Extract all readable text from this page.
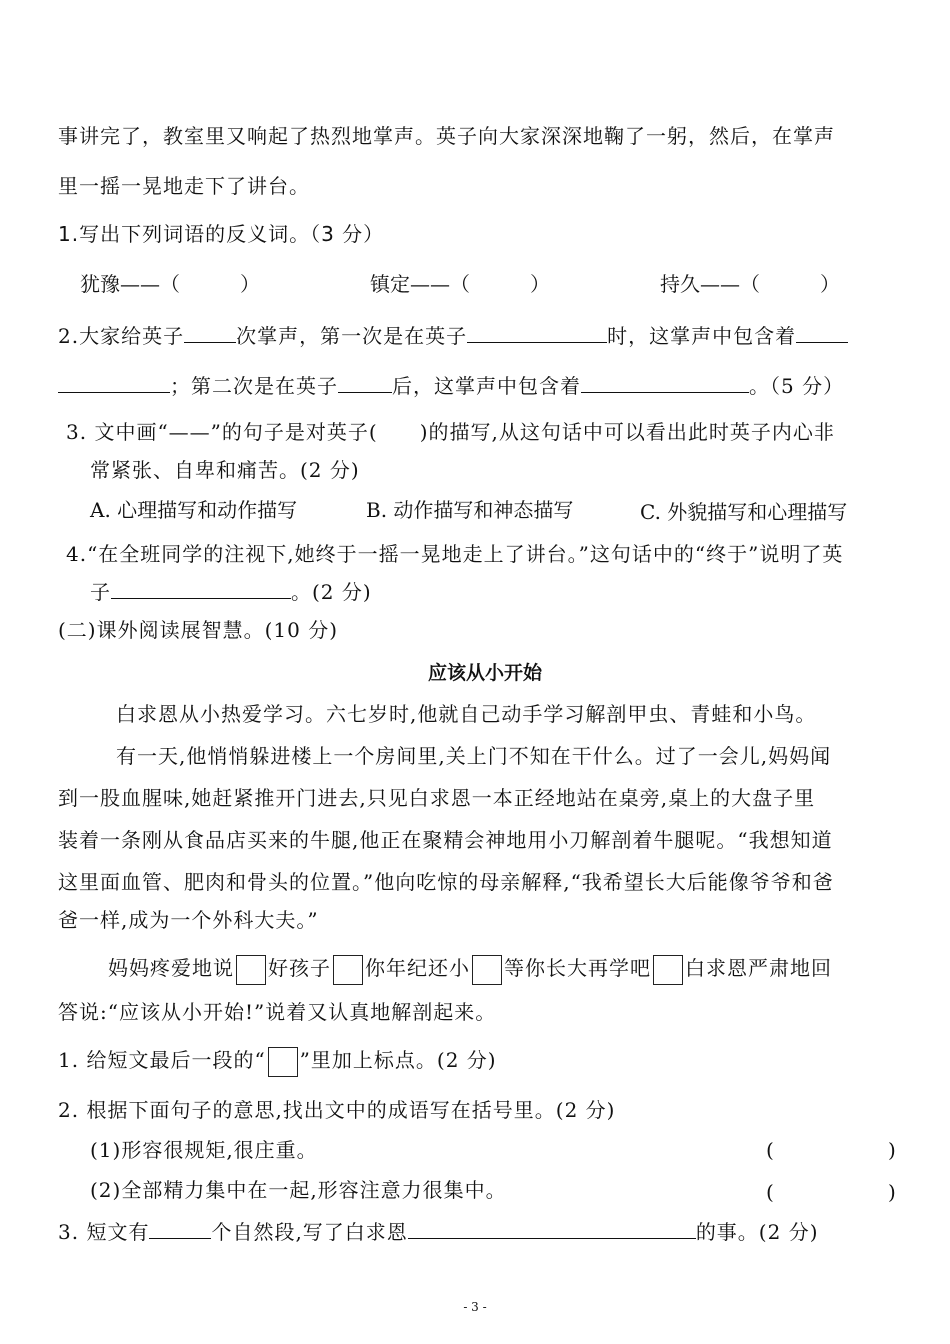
事讲完了，教室里又响起了热烈地掌声。英子向大家深深地鞠了一躬，然后，在掌声
里一摇一晃地走下了讲台。
1.写出下列词语的反义词。（3 分）
犹豫——（　　　）	镇定——（　　　）	持久——（　　　）
2.大家给英子	次掌声，第一次是在英子	时，这掌声中包含着
；第二次是在英子	后，这掌声中包含着	。（5 分）
3. 文中画“——”的句子是对英子(　　)的描写,从这句话中可以看出此时英子内心非
常紧张、自卑和痛苦。(2 分)
A. 心理描写和动作描写	B. 动作描写和神态描写	C. 外貌描写和心理描写
4.“在全班同学的注视下,她终于一摇一晃地走上了讲台。”这句话中的“终于”说明了英
子	。(2 分)
(二)课外阅读展智慧。(10 分)
应该从小开始
白求恩从小热爱学习。六七岁时,他就自己动手学习解剖甲虫、青蛙和小鸟。
有一天,他悄悄躲进楼上一个房间里,关上门不知在干什么。过了一会儿,妈妈闻
到一股血腥味,她赶紧推开门进去,只见白求恩一本正经地站在桌旁,桌上的大盘子里
装着一条刚从食品店买来的牛腿,他正在聚精会神地用小刀解剖着牛腿呢。“我想知道
这里面血管、肥肉和骨头的位置。”他向吃惊的母亲解释,“我希望长大后能像爷爷和爸
爸一样,成为一个外科大夫。”
妈妈疼爱地说 好孩子 你年纪还小 等你长大再学吧 白求恩严肃地回
答说:“应该从小开始!”说着又认真地解剖起来。
1. 给短文最后一段的“ ”里加上标点。(2 分)
2. 根据下面句子的意思,找出文中的成语写在括号里。(2 分)
(1)形容很规矩,很庄重。	(	)
(2)全部精力集中在一起,形容注意力很集中。	(	)
3. 短文有	个自然段,写了白求恩	的事。(2 分)
- 3 -
